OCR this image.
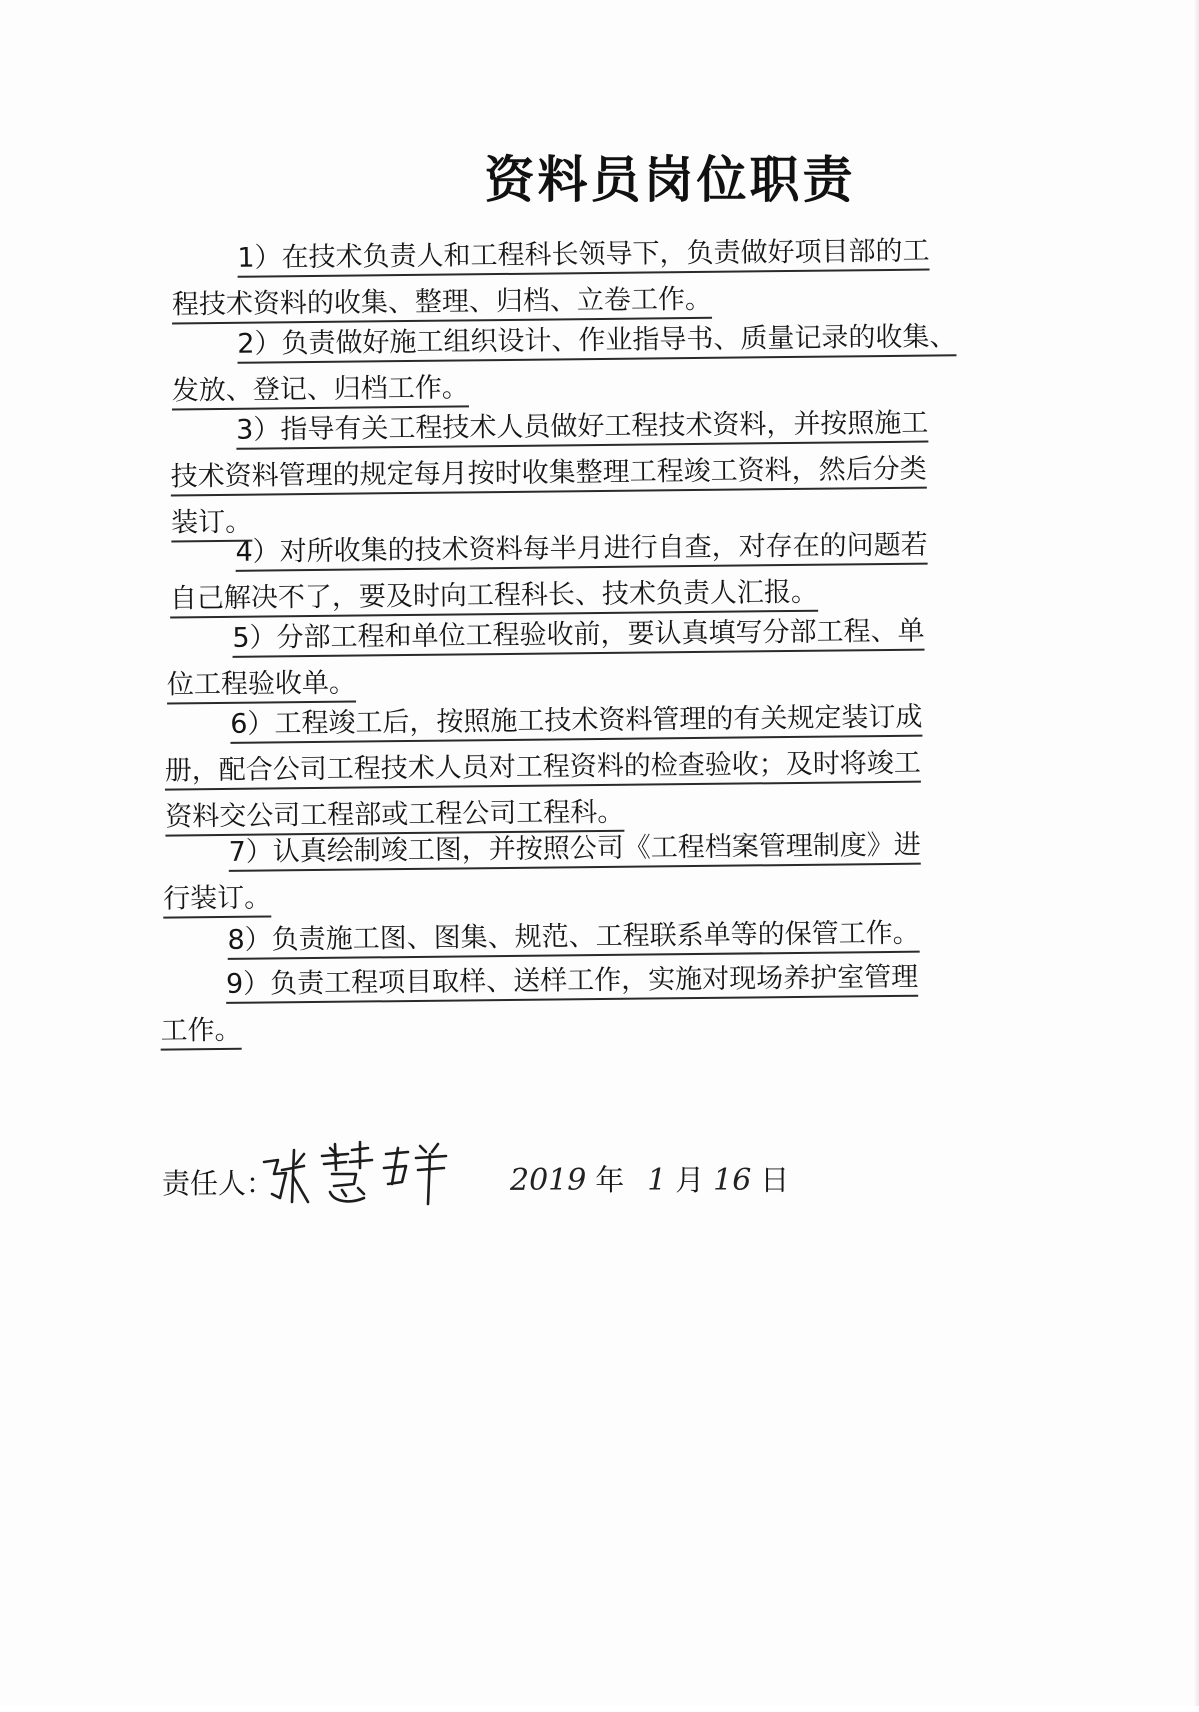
资料员岗位职责
1）在技术负责人和工程科长领导下，负责做好项目部的工
程技术资料的收集、整理、归档、立卷工作。
2）负责做好施工组织设计、作业指导书、质量记录的收集、
发放、登记、归档工作。
3）指导有关工程技术人员做好工程技术资料，并按照施工
技术资料管理的规定每月按时收集整理工程竣工资料，然后分类
装订。
4）对所收集的技术资料每半月进行自查，对存在的问题若
自己解决不了，要及时向工程科长、技术负责人汇报。
5）分部工程和单位工程验收前，要认真填写分部工程、单
位工程验收单。
6）工程竣工后，按照施工技术资料管理的有关规定装订成
册，配合公司工程技术人员对工程资料的检查验收；及时将竣工
资料交公司工程部或工程公司工程科。
7）认真绘制竣工图，并按照公司《工程档案管理制度》进
行装订。
8）负责施工图、图集、规范、工程联系单等的保管工作。
9）负责工程项目取样、送样工作，实施对现场养护室管理
工作。
责任人：	2019 年 1 月 16 日
